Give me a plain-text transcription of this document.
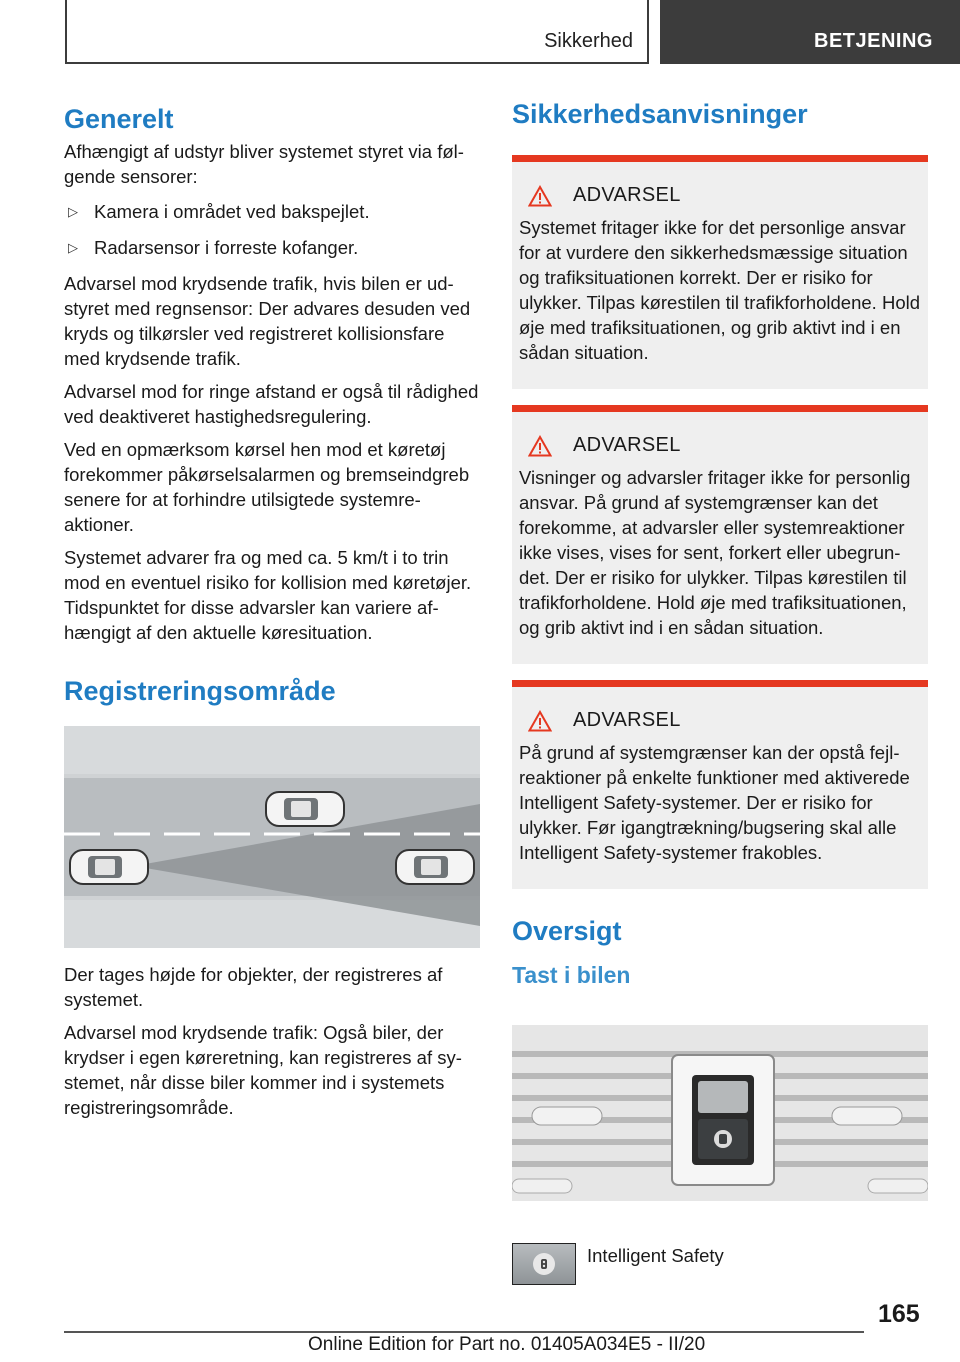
Sikkerhed	BETJENING
Generelt

Afhængigt af udstyr bliver systemet styret via følgende sensorer:

▷ Kamera i området ved bakspejlet.
▷ Radarsensor i forreste kofanger.

Advarsel mod krydsende trafik, hvis bilen er udstyret med regnsensor: Der advares desuden ved kryds og tilkørsler ved registreret kollisionsfare med krydsende trafik.

Advarsel mod for ringe afstand er også til rådighed ved deaktiveret hastighedsregulering.

Ved en opmærksom kørsel hen mod et køretøj forekommer påkørselsalarmen og bremseindgreb senere for at forhindre utilsigtede systemreaktioner.

Systemet advarer fra og med ca. 5 km/t i to trin mod en eventuel risiko for kollision med køretøjer. Tidspunktet for disse advarsler kan variere afhængigt af den aktuelle køresituation.

Registreringsområde

Der tages højde for objekter, der registreres af systemet.

Advarsel mod krydsende trafik: Også biler, der krydser i egen køreretning, kan registreres af systemet, når disse biler kommer ind i systemets registreringsområde.

Sikkerhedsanvisninger
ADVARSEL

Systemet fritager ikke for det personlige ansvar for at vurdere den sikkerhedsmæssige situation og trafiksituationen korrekt. Der er risiko for ulykker. Tilpas kørestilen til trafikforholdene. Hold øje med trafiksituationen, og grib aktivt ind i en sådan situation.

ADVARSEL

Visninger og advarsler fritager ikke for personlig ansvar. På grund af systemgrænser kan det forekomme, at advarsler eller systemreaktioner ikke vises, vises for sent, forkert eller ubegrundet. Der er risiko for ulykker. Tilpas kørestilen til trafikforholdene. Hold øje med trafiksituationen, og grib aktivt ind i en sådan situation.

ADVARSEL

På grund af systemgrænser kan der opstå fejlreaktioner på enkelte funktioner med aktiverede Intelligent Safety-systemer. Der er risiko for ulykker. Før igangtrækning/bugsering skal alle Intelligent Safety-systemer frakobles.

Oversigt
Tast i bilen

Intelligent Safety

165
Online Edition for Part no. 01405A034E5 - II/20
